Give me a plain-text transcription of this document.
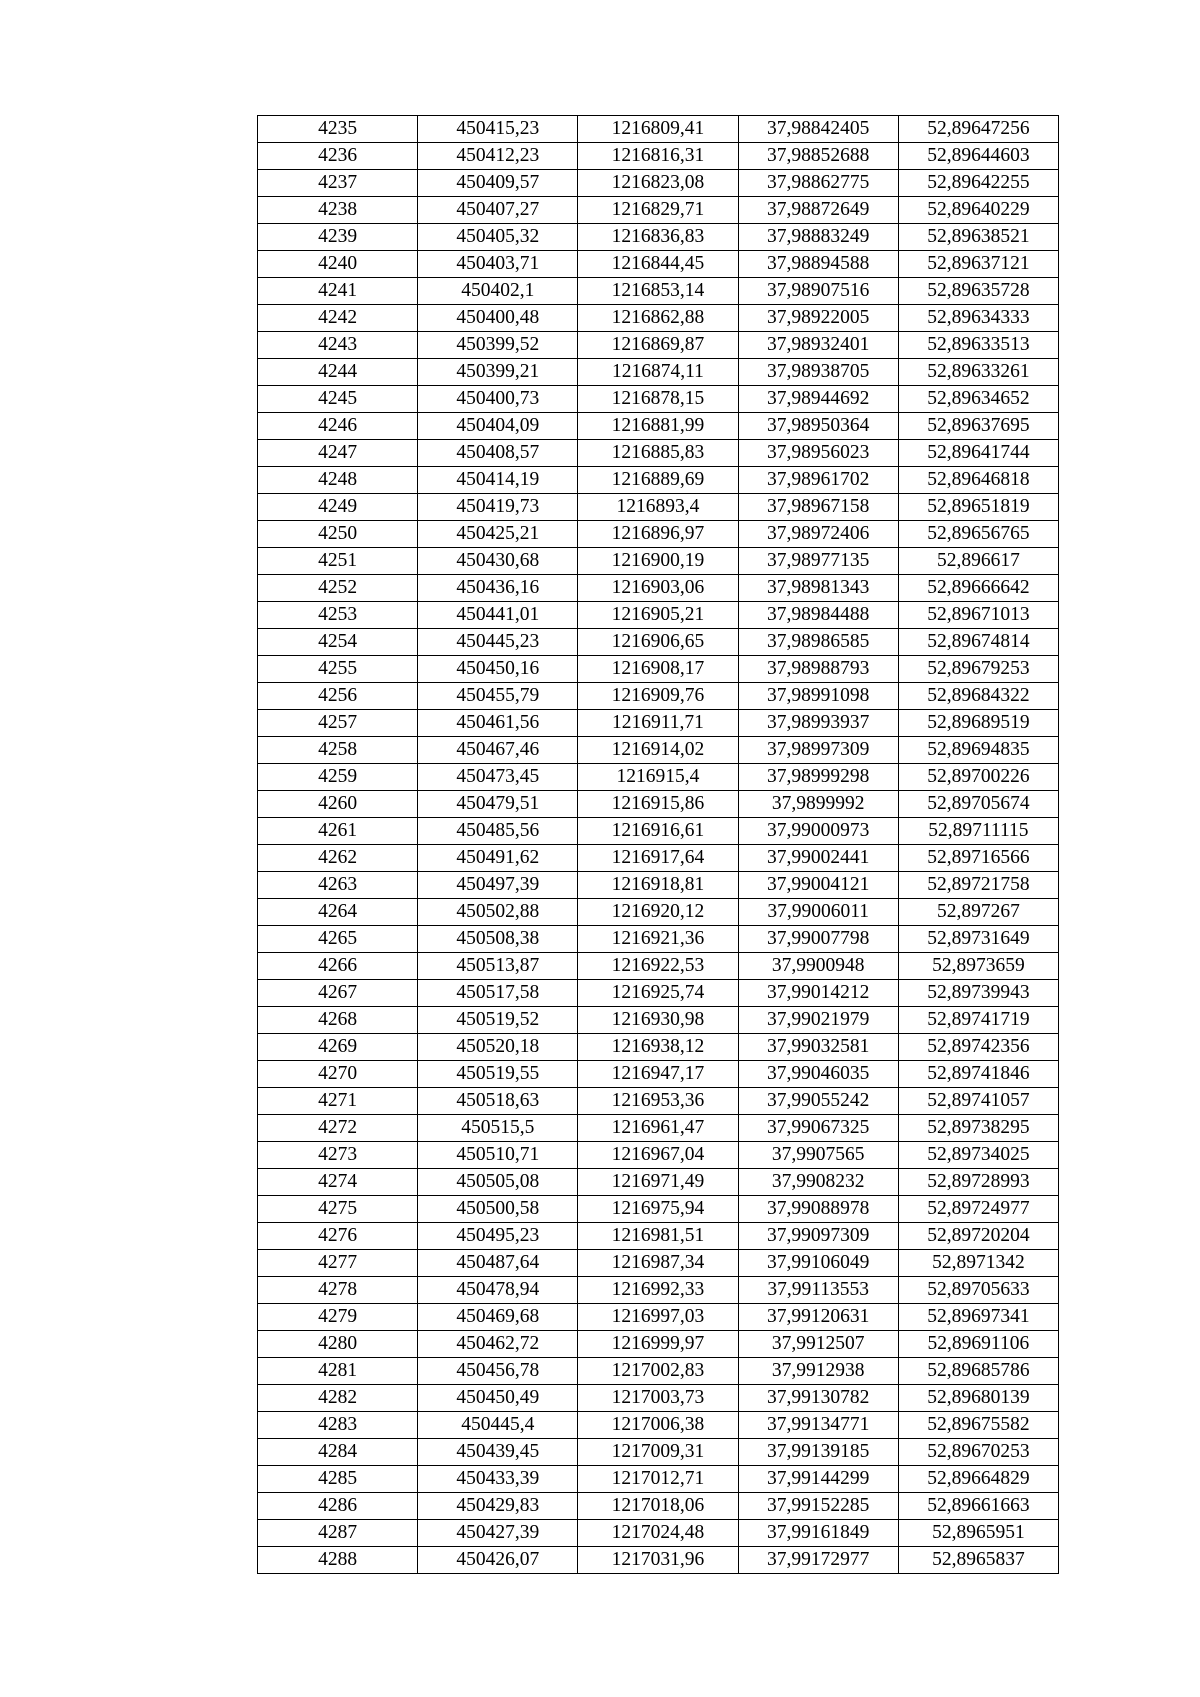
4235	450415,23	1216809,41	37,98842405	52,89647256
4236	450412,23	1216816,31	37,98852688	52,89644603
4237	450409,57	1216823,08	37,98862775	52,89642255
4238	450407,27	1216829,71	37,98872649	52,89640229
4239	450405,32	1216836,83	37,98883249	52,89638521
4240	450403,71	1216844,45	37,98894588	52,89637121
4241	450402,1	1216853,14	37,98907516	52,89635728
4242	450400,48	1216862,88	37,98922005	52,89634333
4243	450399,52	1216869,87	37,98932401	52,89633513
4244	450399,21	1216874,11	37,98938705	52,89633261
4245	450400,73	1216878,15	37,98944692	52,89634652
4246	450404,09	1216881,99	37,98950364	52,89637695
4247	450408,57	1216885,83	37,98956023	52,89641744
4248	450414,19	1216889,69	37,98961702	52,89646818
4249	450419,73	1216893,4	37,98967158	52,89651819
4250	450425,21	1216896,97	37,98972406	52,89656765
4251	450430,68	1216900,19	37,98977135	52,896617
4252	450436,16	1216903,06	37,98981343	52,89666642
4253	450441,01	1216905,21	37,98984488	52,89671013
4254	450445,23	1216906,65	37,98986585	52,89674814
4255	450450,16	1216908,17	37,98988793	52,89679253
4256	450455,79	1216909,76	37,98991098	52,89684322
4257	450461,56	1216911,71	37,98993937	52,89689519
4258	450467,46	1216914,02	37,98997309	52,89694835
4259	450473,45	1216915,4	37,98999298	52,89700226
4260	450479,51	1216915,86	37,9899992	52,89705674
4261	450485,56	1216916,61	37,99000973	52,89711115
4262	450491,62	1216917,64	37,99002441	52,89716566
4263	450497,39	1216918,81	37,99004121	52,89721758
4264	450502,88	1216920,12	37,99006011	52,897267
4265	450508,38	1216921,36	37,99007798	52,89731649
4266	450513,87	1216922,53	37,9900948	52,8973659
4267	450517,58	1216925,74	37,99014212	52,89739943
4268	450519,52	1216930,98	37,99021979	52,89741719
4269	450520,18	1216938,12	37,99032581	52,89742356
4270	450519,55	1216947,17	37,99046035	52,89741846
4271	450518,63	1216953,36	37,99055242	52,89741057
4272	450515,5	1216961,47	37,99067325	52,89738295
4273	450510,71	1216967,04	37,9907565	52,89734025
4274	450505,08	1216971,49	37,9908232	52,89728993
4275	450500,58	1216975,94	37,99088978	52,89724977
4276	450495,23	1216981,51	37,99097309	52,89720204
4277	450487,64	1216987,34	37,99106049	52,8971342
4278	450478,94	1216992,33	37,99113553	52,89705633
4279	450469,68	1216997,03	37,99120631	52,89697341
4280	450462,72	1216999,97	37,9912507	52,89691106
4281	450456,78	1217002,83	37,9912938	52,89685786
4282	450450,49	1217003,73	37,99130782	52,89680139
4283	450445,4	1217006,38	37,99134771	52,89675582
4284	450439,45	1217009,31	37,99139185	52,89670253
4285	450433,39	1217012,71	37,99144299	52,89664829
4286	450429,83	1217018,06	37,99152285	52,89661663
4287	450427,39	1217024,48	37,99161849	52,8965951
4288	450426,07	1217031,96	37,99172977	52,8965837
